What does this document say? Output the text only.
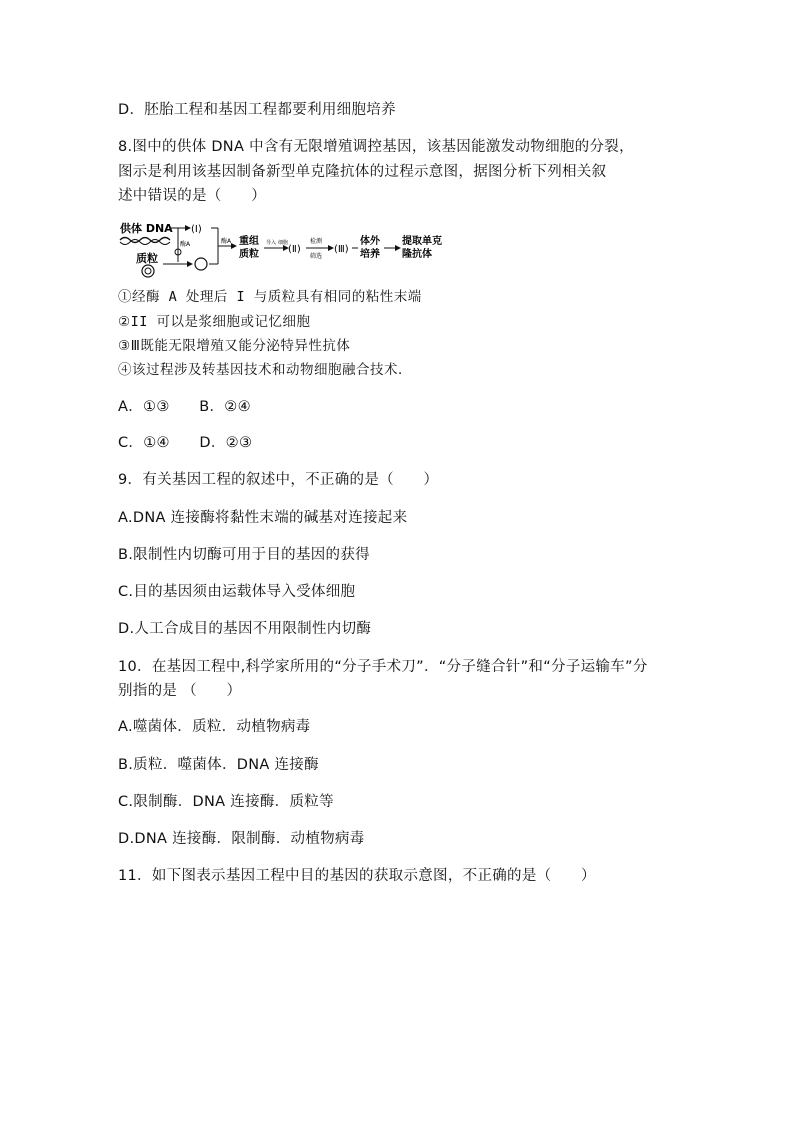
D．胚胎工程和基因工程都要利用细胞培养
8.图中的供体 DNA 中含有无限增殖调控基因，该基因能激发动物细胞的分裂，
图示是利用该基因制备新型单克隆抗体的过程示意图，据图分析下列相关叙
述中错误的是（　　）
供体 DNA (Ⅰ)
酶A
质粒
酶A 重组
质粒
导入 细胞
(Ⅱ)
检测
筛选
(Ⅲ)
体外
培养
提取单克
隆抗体
①经酶 A 处理后 I 与质粒具有相同的粘性末端
②II 可以是浆细胞或记忆细胞
③Ⅲ既能无限增殖又能分泌特异性抗体
④该过程涉及转基因技术和动物细胞融合技术．
A．①③　　B．②④
C．①④　　D．②③
9．有关基因工程的叙述中，不正确的是（　　）
A.DNA 连接酶将黏性末端的碱基对连接起来
B.限制性内切酶可用于目的基因的获得
C.目的基因须由运载体导入受体细胞
D.人工合成目的基因不用限制性内切酶
10．在基因工程中,科学家所用的“分子手术刀”．“分子缝合针”和“分子运输车”分
别指的是 （　　）
A.噬菌体．质粒．动植物病毒
B.质粒．噬菌体．DNA 连接酶
C.限制酶．DNA 连接酶．质粒等
D.DNA 连接酶．限制酶．动植物病毒
11．如下图表示基因工程中目的基因的获取示意图，不正确的是（　　）
